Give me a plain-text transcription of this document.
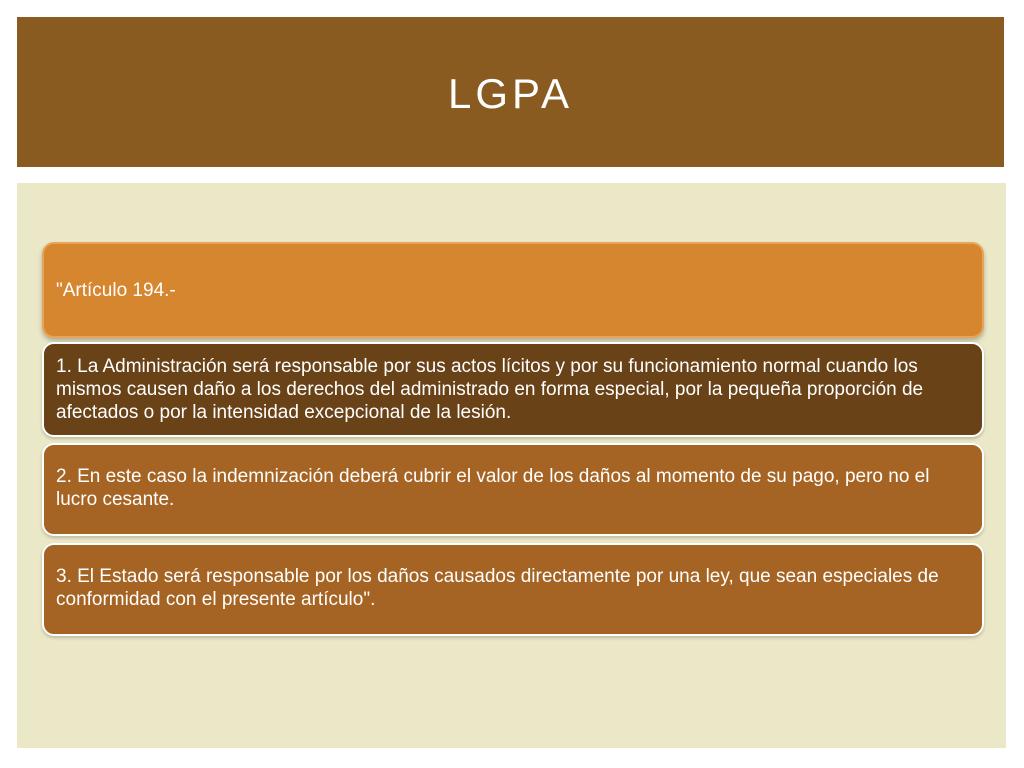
LGPA

"Artículo 194.-

1. La Administración será responsable por sus actos lícitos y por su funcionamiento normal cuando los mismos causen daño a los derechos del administrado en forma especial, por la pequeña proporción de afectados o por la intensidad excepcional de la lesión.

2. En este caso la indemnización deberá cubrir el valor de los daños al momento de su pago, pero no el lucro cesante.

3. El Estado será responsable por los daños causados directamente por una ley, que sean especiales de conformidad con el presente artículo".
